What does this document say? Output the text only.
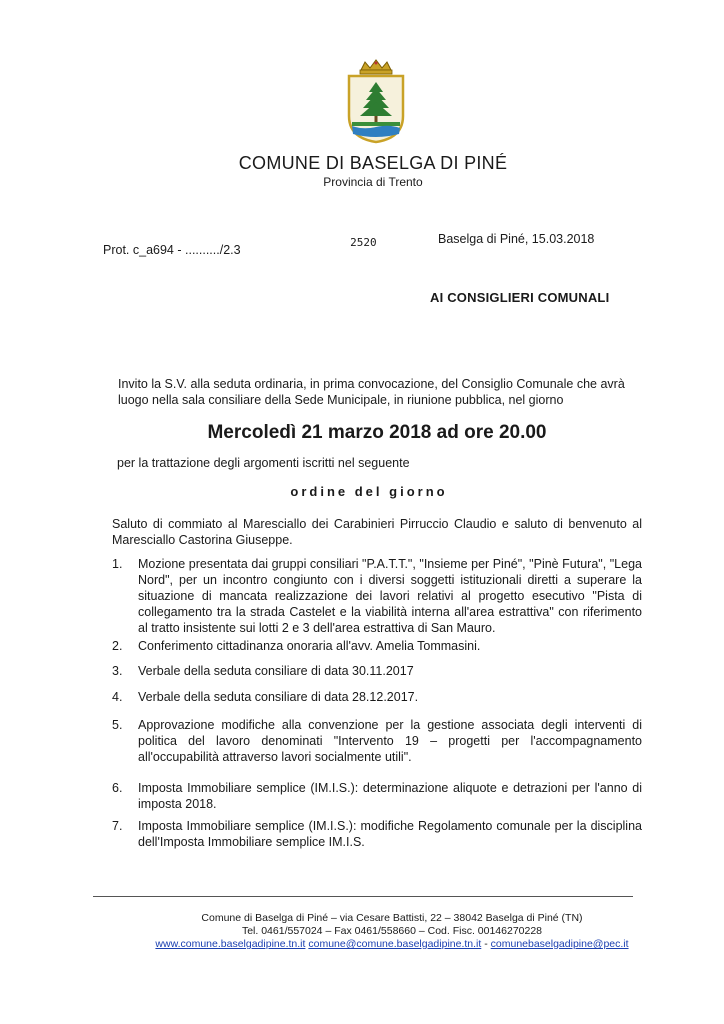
COMUNE DI BASELGA DI PINÉ
Provincia di Trento
Prot. c_a694 - ........../2.3 2520	Baselga di Piné, 15.03.2018
AI CONSIGLIERI COMUNALI
Invito la S.V. alla seduta ordinaria, in prima convocazione, del Consiglio Comunale che avrà luogo nella sala consiliare della Sede Municipale, in riunione pubblica, nel giorno
Mercoledì 21 marzo 2018 ad ore 20.00
per la trattazione degli argomenti iscritti nel seguente
ordine del giorno
Saluto di commiato al Maresciallo dei Carabinieri Pirruccio Claudio e saluto di benvenuto al Maresciallo Castorina Giuseppe.
1. Mozione presentata dai gruppi consiliari "P.A.T.T.", "Insieme per Piné", "Pinè Futura", "Lega Nord", per un incontro congiunto con i diversi soggetti istituzionali diretti a superare la situazione di mancata realizzazione dei lavori relativi al progetto esecutivo "Pista di collegamento tra la strada Castelet e la viabilità interna all'area estrattiva" con riferimento al tratto insistente sui lotti 2 e 3 dell'area estrattiva di San Mauro.
2. Conferimento cittadinanza onoraria all'avv. Amelia Tommasini.
3. Verbale della seduta consiliare di data 30.11.2017
4. Verbale della seduta consiliare di data 28.12.2017.
5. Approvazione modifiche alla convenzione per la gestione associata degli interventi di politica del lavoro denominati "Intervento 19 – progetti per l'accompagnamento all'occupabilità attraverso lavori socialmente utili".
6. Imposta Immobiliare semplice (IM.I.S.): determinazione aliquote e detrazioni per l'anno di imposta 2018.
7. Imposta Immobiliare semplice (IM.I.S.): modifiche Regolamento comunale per la disciplina dell'Imposta Immobiliare semplice IM.I.S.
Comune di Baselga di Piné – via Cesare Battisti, 22 – 38042 Baselga di Piné (TN)
Tel. 0461/557024 – Fax 0461/558660 – Cod. Fisc. 00146270228
www.comune.baselgadipine.tn.it comune@comune.baselgadipine.tn.it - comunebaselgadipine@pec.it
